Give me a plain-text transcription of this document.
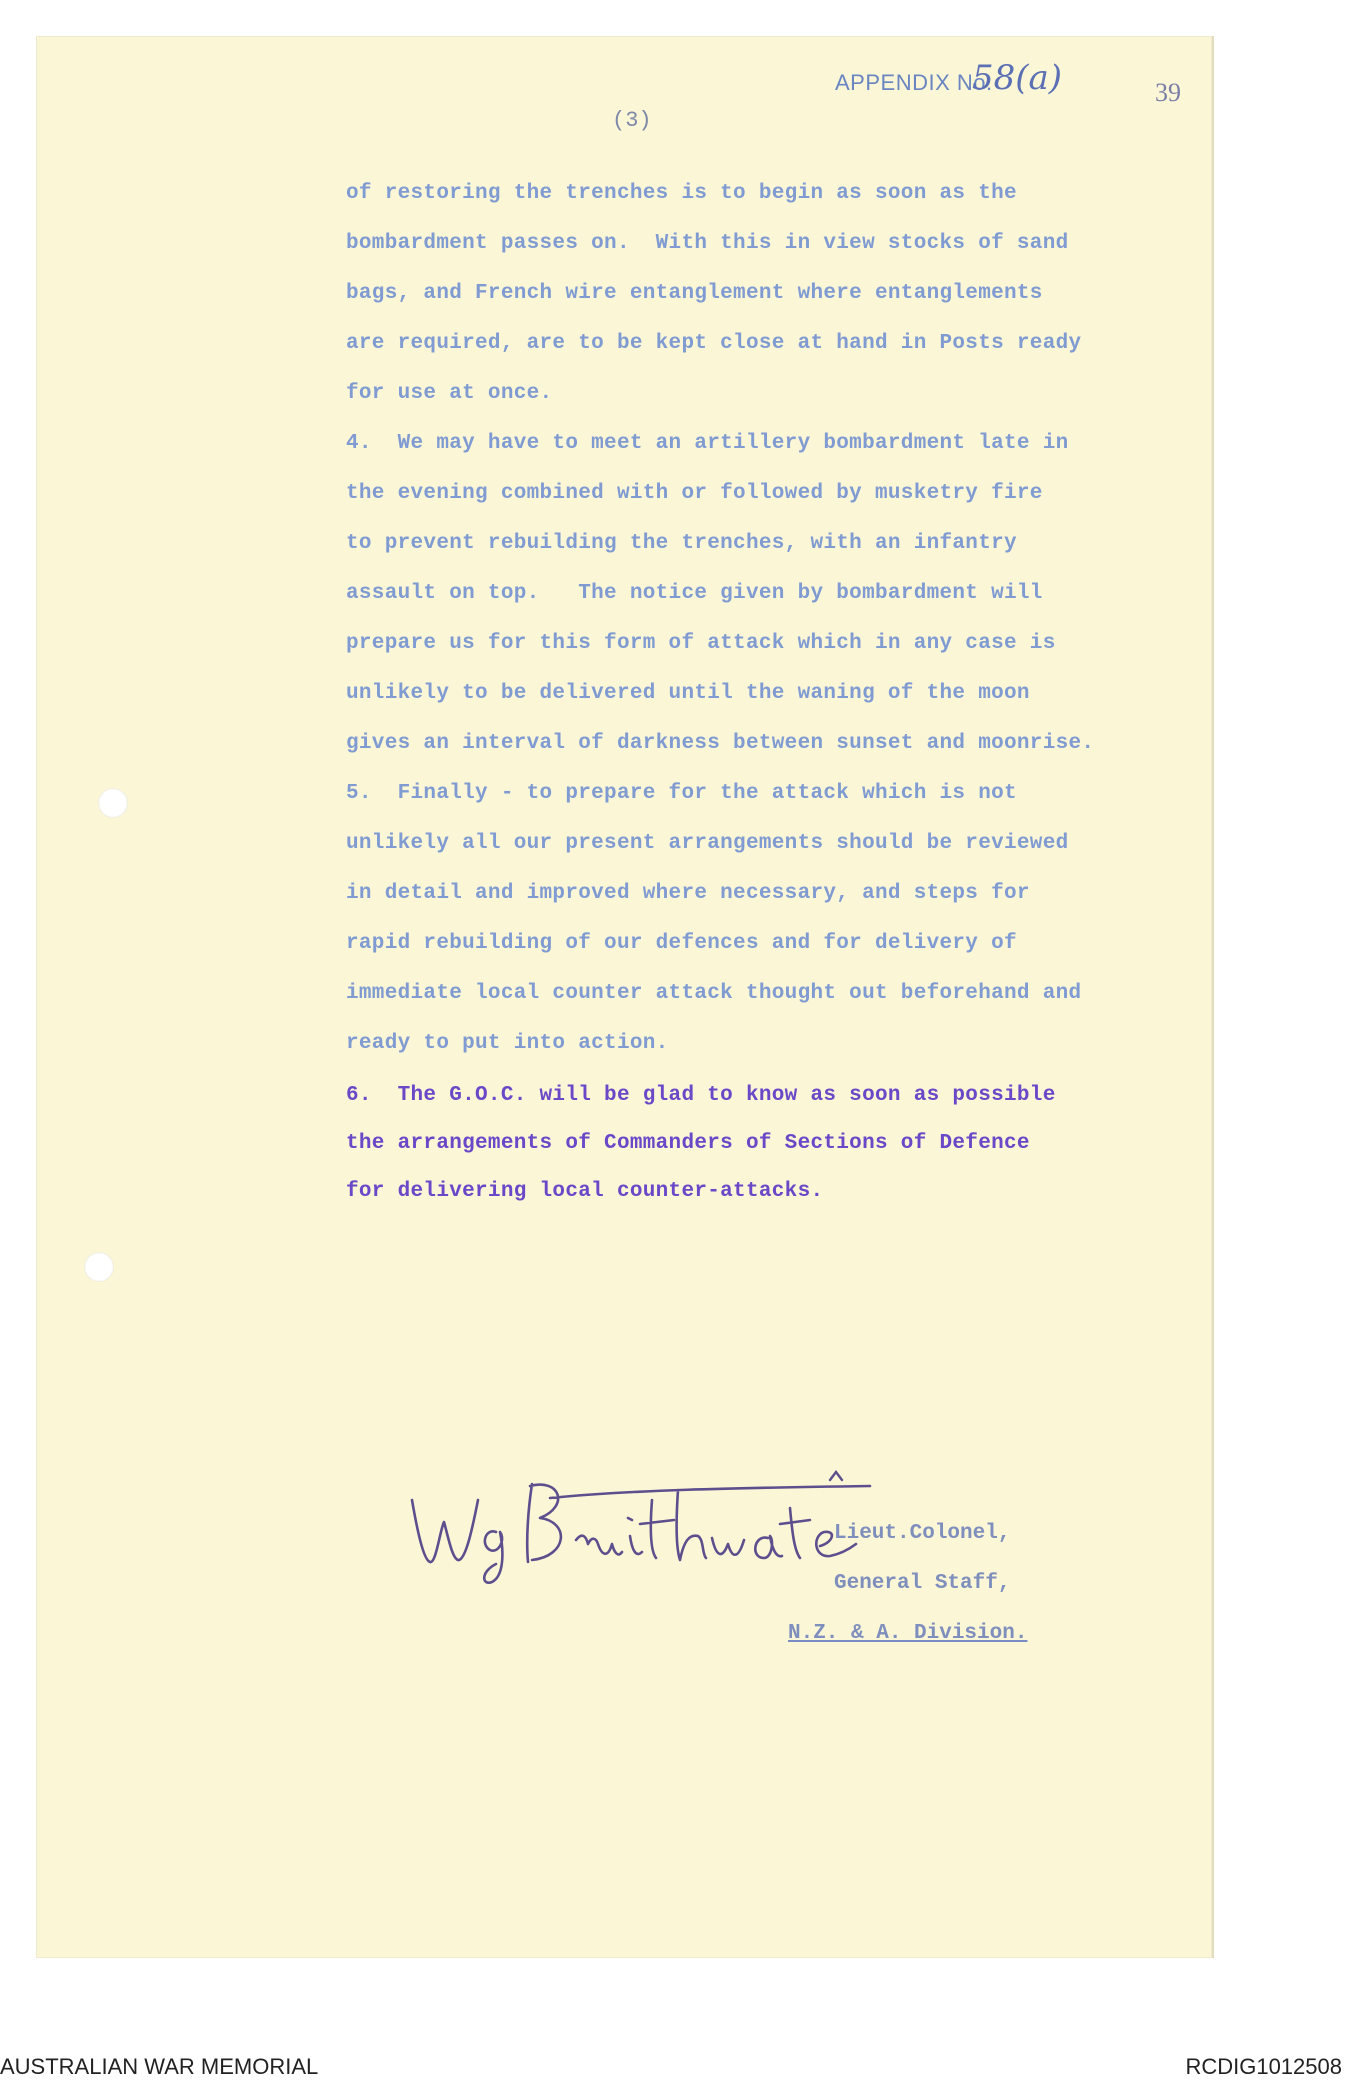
APPENDIX No.
58(a)	39
(3)
of restoring the trenches is to begin as soon as the
bombardment passes on.  With this in view stocks of sand
bags, and French wire entanglement where entanglements
are required, are to be kept close at hand in Posts ready
for use at once.
4.  We may have to meet an artillery bombardment late in
the evening combined with or followed by musketry fire
to prevent rebuilding the trenches, with an infantry
assault on top.   The notice given by bombardment will
prepare us for this form of attack which in any case is
unlikely to be delivered until the waning of the moon
gives an interval of darkness between sunset and moonrise.
5.  Finally - to prepare for the attack which is not
unlikely all our present arrangements should be reviewed
in detail and improved where necessary, and steps for
rapid rebuilding of our defences and for delivery of
immediate local counter attack thought out beforehand and
ready to put into action.
6.  The G.O.C. will be glad to know as soon as possible
the arrangements of Commanders of Sections of Defence
for delivering local counter-attacks.
Lieut.Colonel,
General Staff,
N.Z. & A. Division.
AUSTRALIAN WAR MEMORIAL	RCDIG1012508
